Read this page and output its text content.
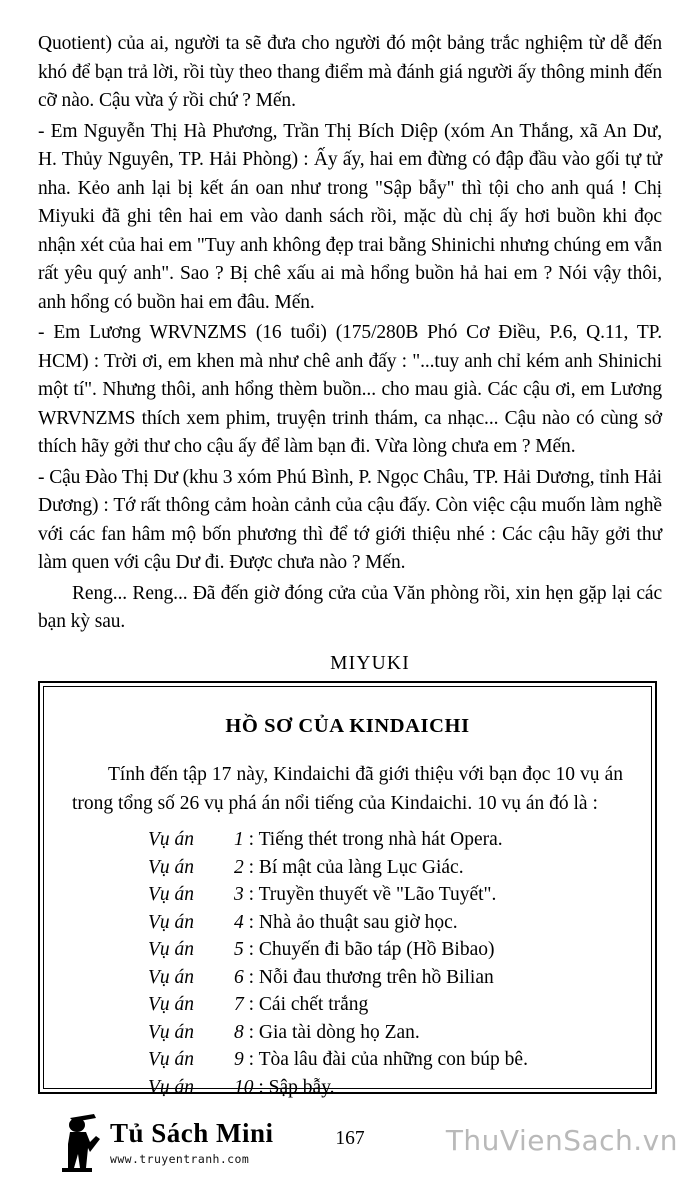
Quotient) của ai, người ta sẽ đưa cho người đó một bảng trắc nghiệm từ dễ đến khó để bạn trả lời, rồi tùy theo thang điểm mà đánh giá người ấy thông minh đến cỡ nào. Cậu vừa ý rồi chứ ? Mến.

- Em Nguyễn Thị Hà Phương, Trần Thị Bích Diệp (xóm An Thắng, xã An Dư, H. Thủy Nguyên, TP. Hải Phòng) : Ấy ấy, hai em đừng có đập đầu vào gối tự tử nha. Kẻo anh lại bị kết án oan như trong "Sập bẫy" thì tội cho anh quá ! Chị Miyuki đã ghi tên hai em vào danh sách rồi, mặc dù chị ấy hơi buồn khi đọc nhận xét của hai em "Tuy anh không đẹp trai bằng Shinichi nhưng chúng em vẫn rất yêu quý anh". Sao ? Bị chê xấu ai mà hổng buồn hả hai em ? Nói vậy thôi, anh hổng có buồn hai em đâu. Mến.

- Em Lương WRVNZMS (16 tuổi) (175/280B Phó Cơ Điều, P.6, Q.11, TP. HCM) : Trời ơi, em khen mà như chê anh đấy : "...tuy anh chỉ kém anh Shinichi một tí". Nhưng thôi, anh hổng thèm buồn... cho mau già. Các cậu ơi, em Lương WRVNZMS thích xem phim, truyện trinh thám, ca nhạc... Cậu nào có cùng sở thích hãy gởi thư cho cậu ấy để làm bạn đi. Vừa lòng chưa em ? Mến.

- Cậu Đào Thị Dư (khu 3 xóm Phú Bình, P. Ngọc Châu, TP. Hải Dương, tỉnh Hải Dương) : Tớ rất thông cảm hoàn cảnh của cậu đấy. Còn việc cậu muốn làm nghề với các fan hâm mộ bốn phương thì để tớ giới thiệu nhé : Các cậu hãy gởi thư làm quen với cậu Dư đi. Được chưa nào ? Mến.

Reng... Reng... Đã đến giờ đóng cửa của Văn phòng rồi, xin hẹn gặp lại các bạn kỳ sau.

MIYUKI

HỒ SƠ CỦA KINDAICHI
Tính đến tập 17 này, Kindaichi đã giới thiệu với bạn đọc 10 vụ án trong tổng số 26 vụ phá án nổi tiếng của Kindaichi. 10 vụ án đó là :
Vụ án 1 : Tiếng thét trong nhà hát Opera.
Vụ án 2 : Bí mật của làng Lục Giác.
Vụ án 3 : Truyền thuyết về "Lão Tuyết".
Vụ án 4 : Nhà ảo thuật sau giờ học.
Vụ án 5 : Chuyến đi bão táp (Hồ Bibao)
Vụ án 6 : Nỗi đau thương trên hồ Bilian
Vụ án 7 : Cái chết trắng
Vụ án 8 : Gia tài dòng họ Zan.
Vụ án 9 : Tòa lâu đài của những con búp bê.
Vụ án 10 : Sập bẫy.
Tủ Sách Mini
www.truyentranh.com
167	ThuVienSach.vn
